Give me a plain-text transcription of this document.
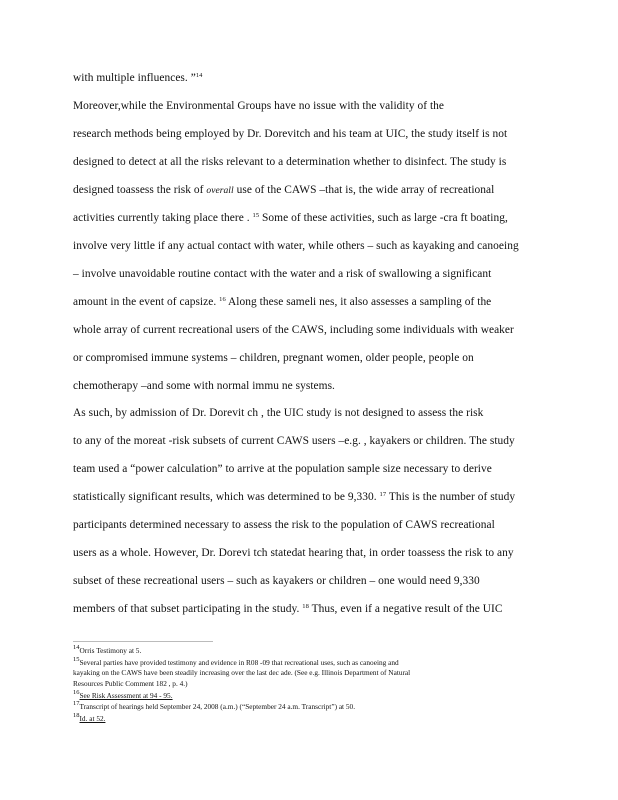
with multiple influences. ”$^{14}$
Moreover,while the Environmental Groups have no issue with the validity of the
research methods being employed by Dr. Dorevitch and his team at UIC, the study itself is not
designed to detect at all the risks relevant to a determination whether to disinfect. The study is
designed toassess the risk of overall use of the CAWS –that is, the wide array of recreational
activities currently taking place there . $^{15}$ Some of these activities, such as large -cra ft boating,
involve very little if any actual contact with water, while others – such as kayaking and canoeing
– involve unavoidable routine contact with the water and a risk of swallowing a significant
amount in the event of capsize. $^{16}$ Along these sameli nes, it also assesses a sampling of the
whole array of current recreational users of the CAWS, including some individuals with weaker
or compromised immune systems – children, pregnant women, older people, people on
chemotherapy –and some with normal immu ne systems.
As such, by admission of Dr. Dorevit ch , the UIC study is not designed to assess the risk
to any of the moreat -risk subsets of current CAWS users –e.g. , kayakers or children. The study
team used a “power calculation” to arrive at the population sample size necessary to derive
statistically significant results, which was determined to be 9,330. $^{17}$ This is the number of study
participants determined necessary to assess the risk to the population of CAWS recreational
users as a whole. However, Dr. Dorevi tch statedat hearing that, in order toassess the risk to any
subset of these recreational users – such as kayakers or children – one would need 9,330
members of that subset participating in the study. $^{18}$ Thus, even if a negative result of the UIC
$^{14}$Orris Testimony at 5.
$^{15}$Several parties have provided testimony and evidence in R08 -09 that recreational uses, such as canoeing and
kayaking on the CAWS have been steadily increasing over the last dec ade. (See e.g. Illinois Department of Natural
Resources Public Comment 182 , p. 4.)
$^{16}$See Risk Assessment at 94 - 95.
$^{17}$Transcript of hearings held September 24, 2008 (a.m.) (“September 24 a.m. Transcript”) at 50.
$^{18}$Id. at 52.
